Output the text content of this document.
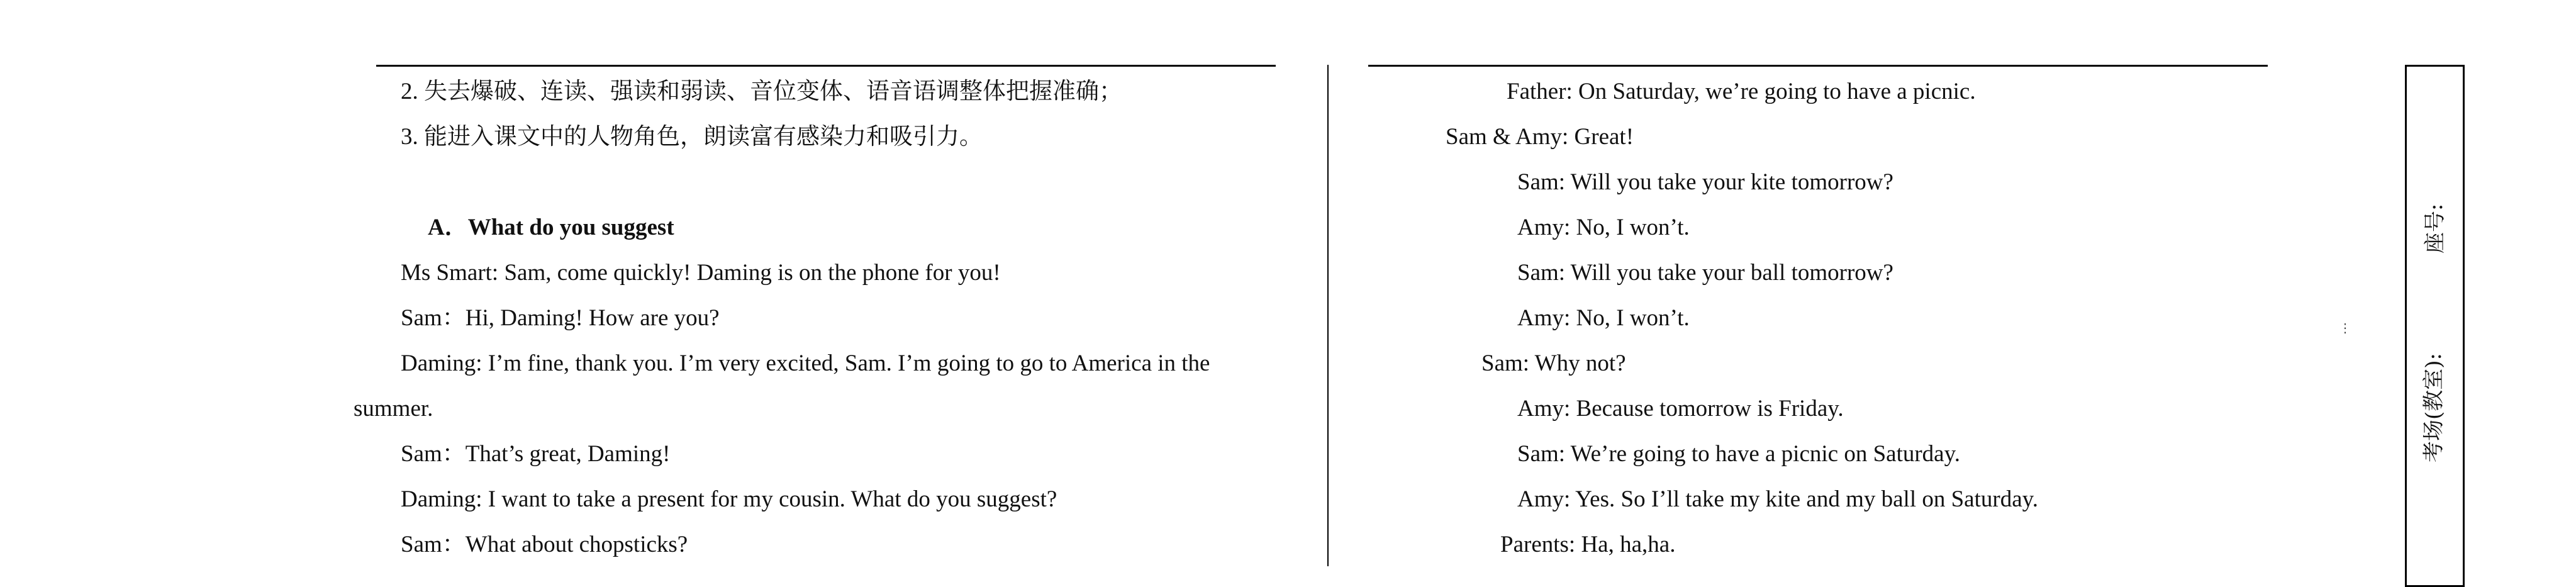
2. 失去爆破、连读、强读和弱读、音位变体、语音语调整体把握准确；
3. 能进入课文中的人物角色，朗读富有感染力和吸引力。
A．What do you suggest
Ms Smart: Sam, come quickly! Daming is on the phone for you!
Sam：Hi, Daming! How are you?
Daming: I’m fine, thank you. I’m very excited, Sam. I’m going to go to America in the
summer.
Sam：That’s great, Daming!
Daming: I want to take a present for my cousin. What do you suggest?
Sam：What about chopsticks?
Father: On Saturday, we’re going to have a picnic.
Sam & Amy: Great!
Sam: Will you take your kite tomorrow?
Amy: No, I won’t.
Sam: Will you take your ball tomorrow?
Amy: No, I won’t.
Sam: Why not?
Amy: Because tomorrow is Friday.
Sam: We’re going to have a picnic on Saturday.
Amy: Yes. So I’ll take my kite and my ball on Saturday.
Parents: Ha, ha,ha.
⋮
座号:
考场(教室):
